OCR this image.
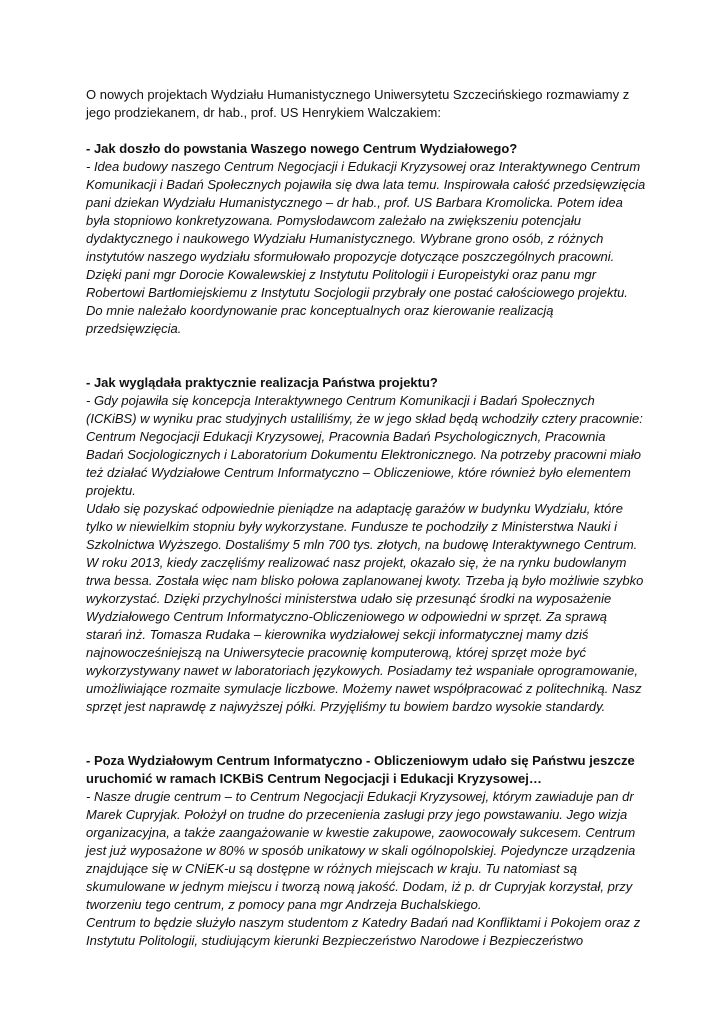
O nowych projektach Wydziału Humanistycznego Uniwersytetu Szczecińskiego rozmawiamy z jego prodziekanem, dr hab., prof. US Henrykiem Walczakiem:

- Jak doszło do powstania Waszego nowego Centrum Wydziałowego?

- Idea budowy naszego Centrum Negocjacji i Edukacji Kryzysowej oraz Interaktywnego Centrum Komunikacji i Badań Społecznych pojawiła się dwa lata temu. Inspirowała całość przedsięwzięcia pani dziekan Wydziału Humanistycznego – dr hab., prof. US Barbara Kromolicka. Potem idea była stopniowo konkretyzowana. Pomysłodawcom zależało na zwiększeniu potencjału dydaktycznego i naukowego Wydziału Humanistycznego. Wybrane grono osób, z różnych instytutów naszego wydziału sformułowało propozycje dotyczące poszczególnych pracowni. Dzięki pani mgr Dorocie Kowalewskiej z Instytutu Politologii i Europeistyki oraz panu mgr Robertowi Bartłomiejskiemu z Instytutu Socjologii przybrały one postać całościowego projektu. Do mnie należało koordynowanie prac konceptualnych oraz kierowanie realizacją przedsięwzięcia.

- Jak wyglądała praktycznie realizacja Państwa projektu?

- Gdy pojawiła się koncepcja Interaktywnego Centrum Komunikacji i Badań Społecznych (ICKiBS) w wyniku prac studyjnych ustaliliśmy, że w jego skład będą wchodziły cztery pracownie: Centrum Negocjacji Edukacji Kryzysowej, Pracownia Badań Psychologicznych, Pracownia Badań Socjologicznych i Laboratorium Dokumentu Elektronicznego. Na potrzeby pracowni miało też działać Wydziałowe Centrum Informatyczno – Obliczeniowe, które również było elementem projektu.

Udało się pozyskać odpowiednie pieniądze na adaptację garażów w budynku Wydziału, które tylko w niewielkim stopniu były wykorzystane. Fundusze te pochodziły z Ministerstwa Nauki i Szkolnictwa Wyższego. Dostaliśmy 5 mln 700 tys. złotych, na budowę Interaktywnego Centrum. W roku 2013, kiedy zaczęliśmy realizować nasz projekt, okazało się, że na rynku budowlanym trwa bessa. Została więc nam blisko połowa zaplanowanej kwoty. Trzeba ją było możliwie szybko wykorzystać. Dzięki przychylności ministerstwa udało się przesunąć środki na wyposażenie Wydziałowego Centrum Informatyczno-Obliczeniowego w odpowiedni w sprzęt. Za sprawą starań inż. Tomasza Rudaka – kierownika wydziałowej sekcji informatycznej mamy dziś najnowocześniejszą na Uniwersytecie pracownię komputerową, której sprzęt może być wykorzystywany nawet w laboratoriach językowych. Posiadamy też wspaniałe oprogramowanie, umożliwiające rozmaite symulacje liczbowe. Możemy nawet współpracować z politechniką. Nasz sprzęt jest naprawdę z najwyższej półki. Przyjęliśmy tu bowiem bardzo wysokie standardy.

- Poza Wydziałowym Centrum Informatyczno - Obliczeniowym udało się Państwu jeszcze uruchomić w ramach ICKBiS Centrum Negocjacji i Edukacji Kryzysowej…

- Nasze drugie centrum – to Centrum Negocjacji Edukacji Kryzysowej, którym zawiaduje pan dr Marek Cupryjak. Położył on trudne do przecenienia zasługi przy jego powstawaniu. Jego wizja organizacyjna, a także zaangażowanie w kwestie zakupowe, zaowocowały sukcesem. Centrum jest już wyposażone w 80% w sposób unikatowy w skali ogólnopolskiej. Pojedyncze urządzenia znajdujące się w CNiEK-u są dostępne w różnych miejscach w kraju. Tu natomiast są skumulowane w jednym miejscu i tworzą nową jakość. Dodam, iż p. dr Cupryjak korzystał, przy tworzeniu tego centrum, z pomocy pana mgr Andrzeja Buchalskiego.

Centrum to będzie służyło naszym studentom z Katedry Badań nad Konfliktami i Pokojem oraz z Instytutu Politologii, studiującym kierunki Bezpieczeństwo Narodowe i Bezpieczeństwo
